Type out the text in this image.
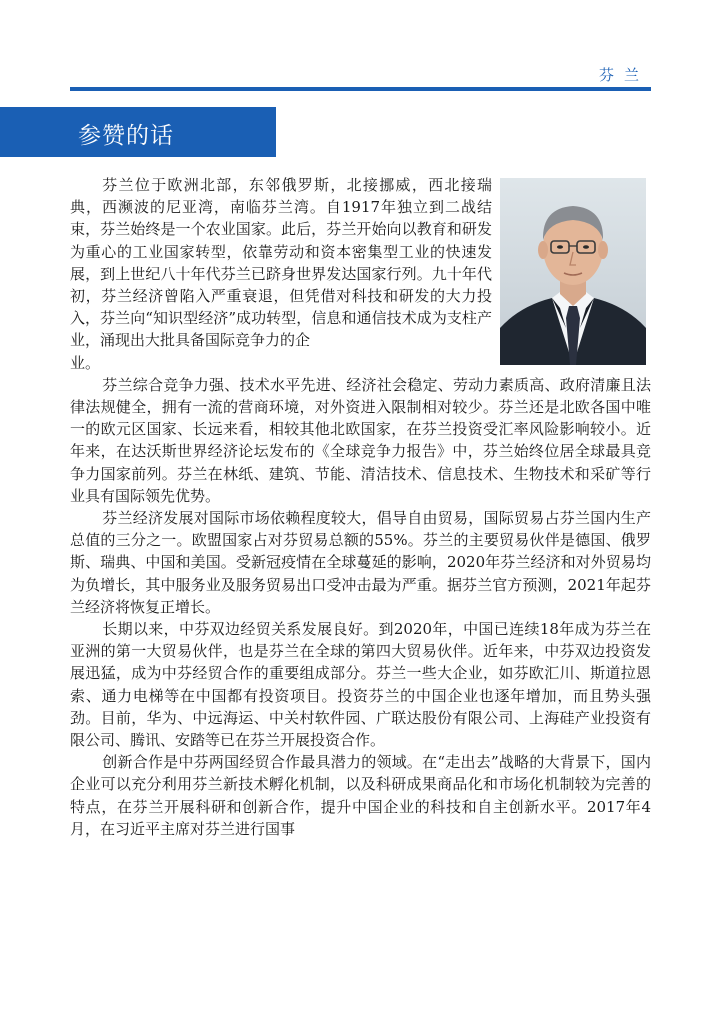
芬兰
参赞的话

芬兰位于欧洲北部，东邻俄罗斯，北接挪威，西北接瑞典，西濒波的尼亚湾，南临芬兰湾。自1917年独立到二战结束，芬兰始终是一个农业国家。此后，芬兰开始向以教育和研发为重心的工业国家转型，依靠劳动和资本密集型工业的快速发展，到上世纪八十年代芬兰已跻身世界发达国家行列。九十年代初，芬兰经济曾陷入严重衰退，但凭借对科技和研发的大力投入，芬兰向“知识型经济”成功转型，信息和通信技术成为支柱产业，涌现出大批具备国际竞争力的企

业。

芬兰综合竞争力强、技术水平先进、经济社会稳定、劳动力素质高、政府清廉且法律法规健全，拥有一流的营商环境，对外资进入限制相对较少。芬兰还是北欧各国中唯一的欧元区国家、长远来看，相较其他北欧国家，在芬兰投资受汇率风险影响较小。近年来，在达沃斯世界经济论坛发布的《全球竞争力报告》中，芬兰始终位居全球最具竞争力国家前列。芬兰在林纸、建筑、节能、清洁技术、信息技术、生物技术和采矿等行业具有国际领先优势。

芬兰经济发展对国际市场依赖程度较大，倡导自由贸易，国际贸易占芬兰国内生产总值的三分之一。欧盟国家占对芬贸易总额的55%。芬兰的主要贸易伙伴是德国、俄罗斯、瑞典、中国和美国。受新冠疫情在全球蔓延的影响，2020年芬兰经济和对外贸易均为负增长，其中服务业及服务贸易出口受冲击最为严重。据芬兰官方预测，2021年起芬兰经济将恢复正增长。

长期以来，中芬双边经贸关系发展良好。到2020年，中国已连续18年成为芬兰在亚洲的第一大贸易伙伴，也是芬兰在全球的第四大贸易伙伴。近年来，中芬双边投资发展迅猛，成为中芬经贸合作的重要组成部分。芬兰一些大企业，如芬欧汇川、斯道拉恩索、通力电梯等在中国都有投资项目。投资芬兰的中国企业也逐年增加，而且势头强劲。目前，华为、中远海运、中关村软件园、广联达股份有限公司、上海硅产业投资有限公司、腾讯、安踏等已在芬兰开展投资合作。

创新合作是中芬两国经贸合作最具潜力的领域。在“走出去”战略的大背景下，国内企业可以充分利用芬兰新技术孵化机制，以及科研成果商品化和市场化机制较为完善的特点，在芬兰开展科研和创新合作，提升中国企业的科技和自主创新水平。2017年4月，在习近平主席对芬兰进行国事
